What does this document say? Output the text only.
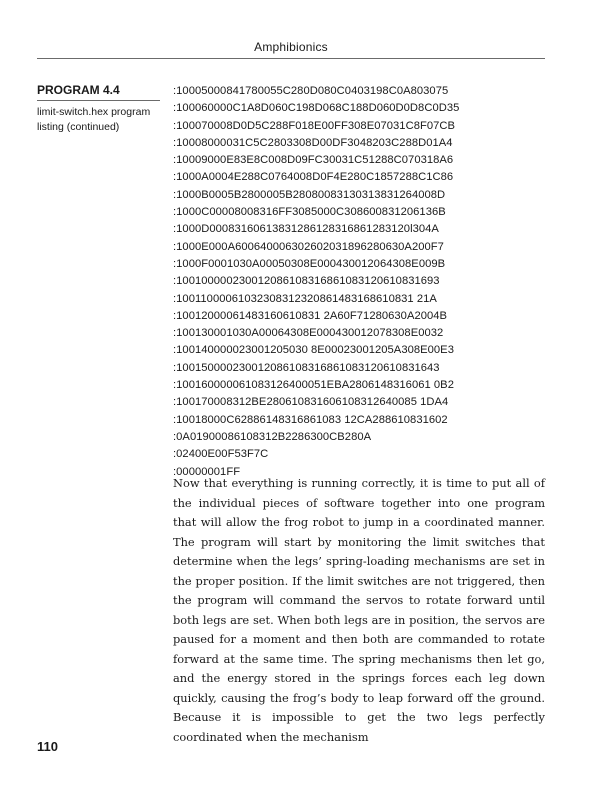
Amphibionics
PROGRAM 4.4
limit-switch.hex program listing (continued)
:10005000841780055C280D080C0403198C0A803075
:100060000C1A8D060C198D068C188D060D0D8C0D35
:100070008D0D5C288F018E00FF308E07031C8F07CB
:10008000031C5C2803308D00DF3048203C288D01A4
:10009000E83E8C008D09FC30031C51288C070318A6
:1000A0004E288C0764008D0F4E280C1857288C1C86
:1000B0005B2800005B28080083130313831264008D
:1000C00008008316FF3085000C308600831206136B
:1000D00083160613831286128316861283120l304A
:1000E000A600640006302602031896280630A200F7
:1000F0001030A00050308E000430012064308E009B
:100100000230012086108316861083120610831693
:10011000061032308312320861483168610831 21A
:10012000061483160610831 2A60F71280630A2004B
:100130001030A00064308E000430012078308E0032
:100140000023001205030 8E00023001205A308E00E3
:100150000230012086108316861083120610831643
:100160000061083126400051EBA2806148316061 0B2
:100170008312BE280610831606108312640085 1DA4
:10018000C62886148316861083 12CA288610831602
:0A01900086108312B2286300CB280A
:02400E00F53F7C
:00000001FF

Now that everything is running correctly, it is time to put all of the individual pieces of software together into one program that will allow the frog robot to jump in a coordinated manner. The program will start by monitoring the limit switches that determine when the legs’ spring-loading mechanisms are set in the proper position. If the limit switches are not triggered, then the program will command the servos to rotate forward until both legs are set. When both legs are in position, the servos are paused for a moment and then both are commanded to rotate forward at the same time. The spring mechanisms then let go, and the energy stored in the springs forces each leg down quickly, causing the frog’s body to leap forward off the ground. Because it is impossible to get the two legs perfectly coordinated when the mechanism

110
